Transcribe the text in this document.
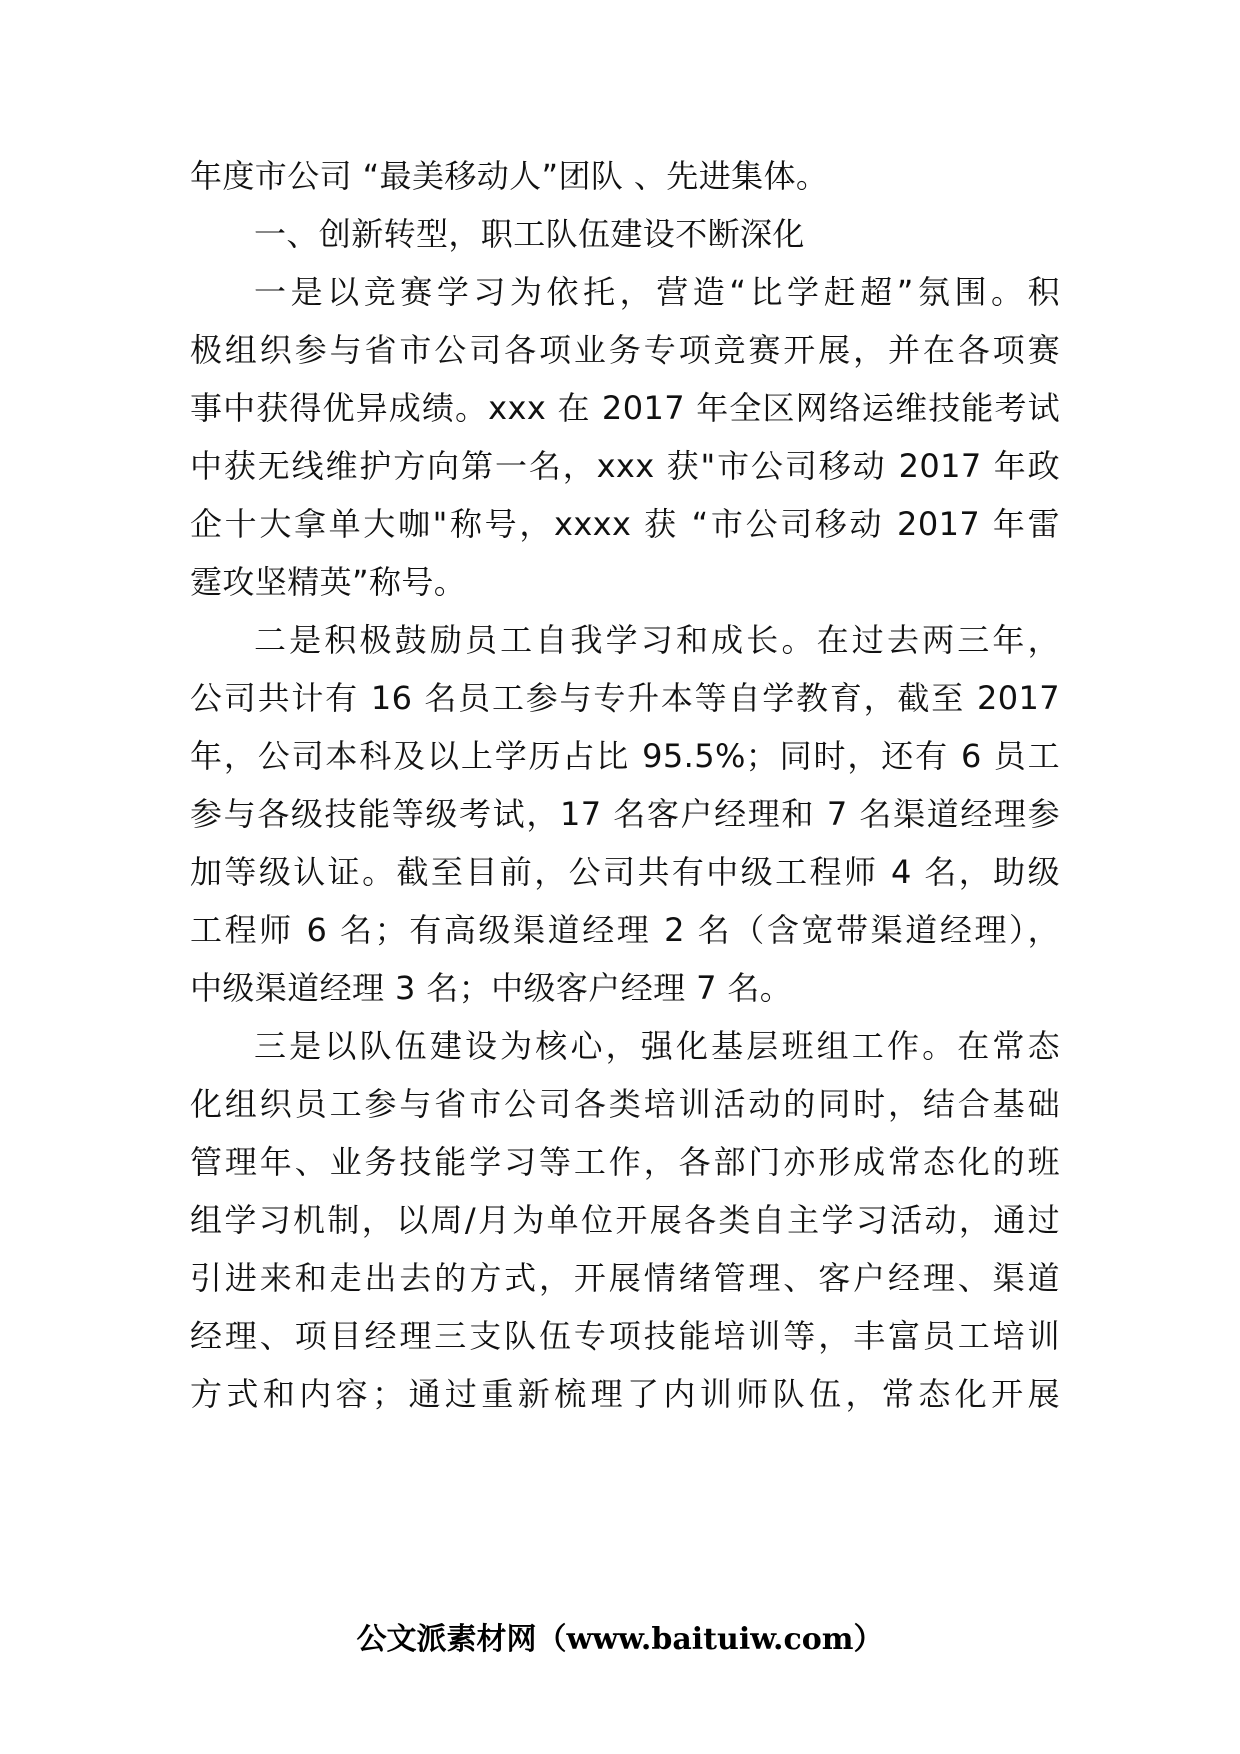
年度市公司 “最美移动人”团队 、先进集体。
一、创新转型，职工队伍建设不断深化
一是以竞赛学习为依托，营造“比学赶超”氛围。积
极组织参与省市公司各项业务专项竞赛开展，并在各项赛
事中获得优异成绩。xxx 在 2017 年全区网络运维技能考试
中获无线维护方向第一名，xxx 获"市公司移动 2017 年政
企十大拿单大咖"称号，xxxx 获 “市公司移动 2017 年雷
霆攻坚精英”称号。
二是积极鼓励员工自我学习和成长。在过去两三年，
公司共计有 16 名员工参与专升本等自学教育，截至 2017
年，公司本科及以上学历占比 95.5%；同时，还有 6 员工
参与各级技能等级考试，17 名客户经理和 7 名渠道经理参
加等级认证。截至目前，公司共有中级工程师 4 名，助级
工程师 6 名；有高级渠道经理 2 名（含宽带渠道经理），
中级渠道经理 3 名；中级客户经理 7 名。
三是以队伍建设为核心，强化基层班组工作。在常态
化组织员工参与省市公司各类培训活动的同时，结合基础
管理年、业务技能学习等工作，各部门亦形成常态化的班
组学习机制，以周/月为单位开展各类自主学习活动，通过
引进来和走出去的方式，开展情绪管理、客户经理、渠道
经理、项目经理三支队伍专项技能培训等，丰富员工培训
方式和内容；通过重新梳理了内训师队伍，常态化开展
公文派素材网（www.baituiw.com）
